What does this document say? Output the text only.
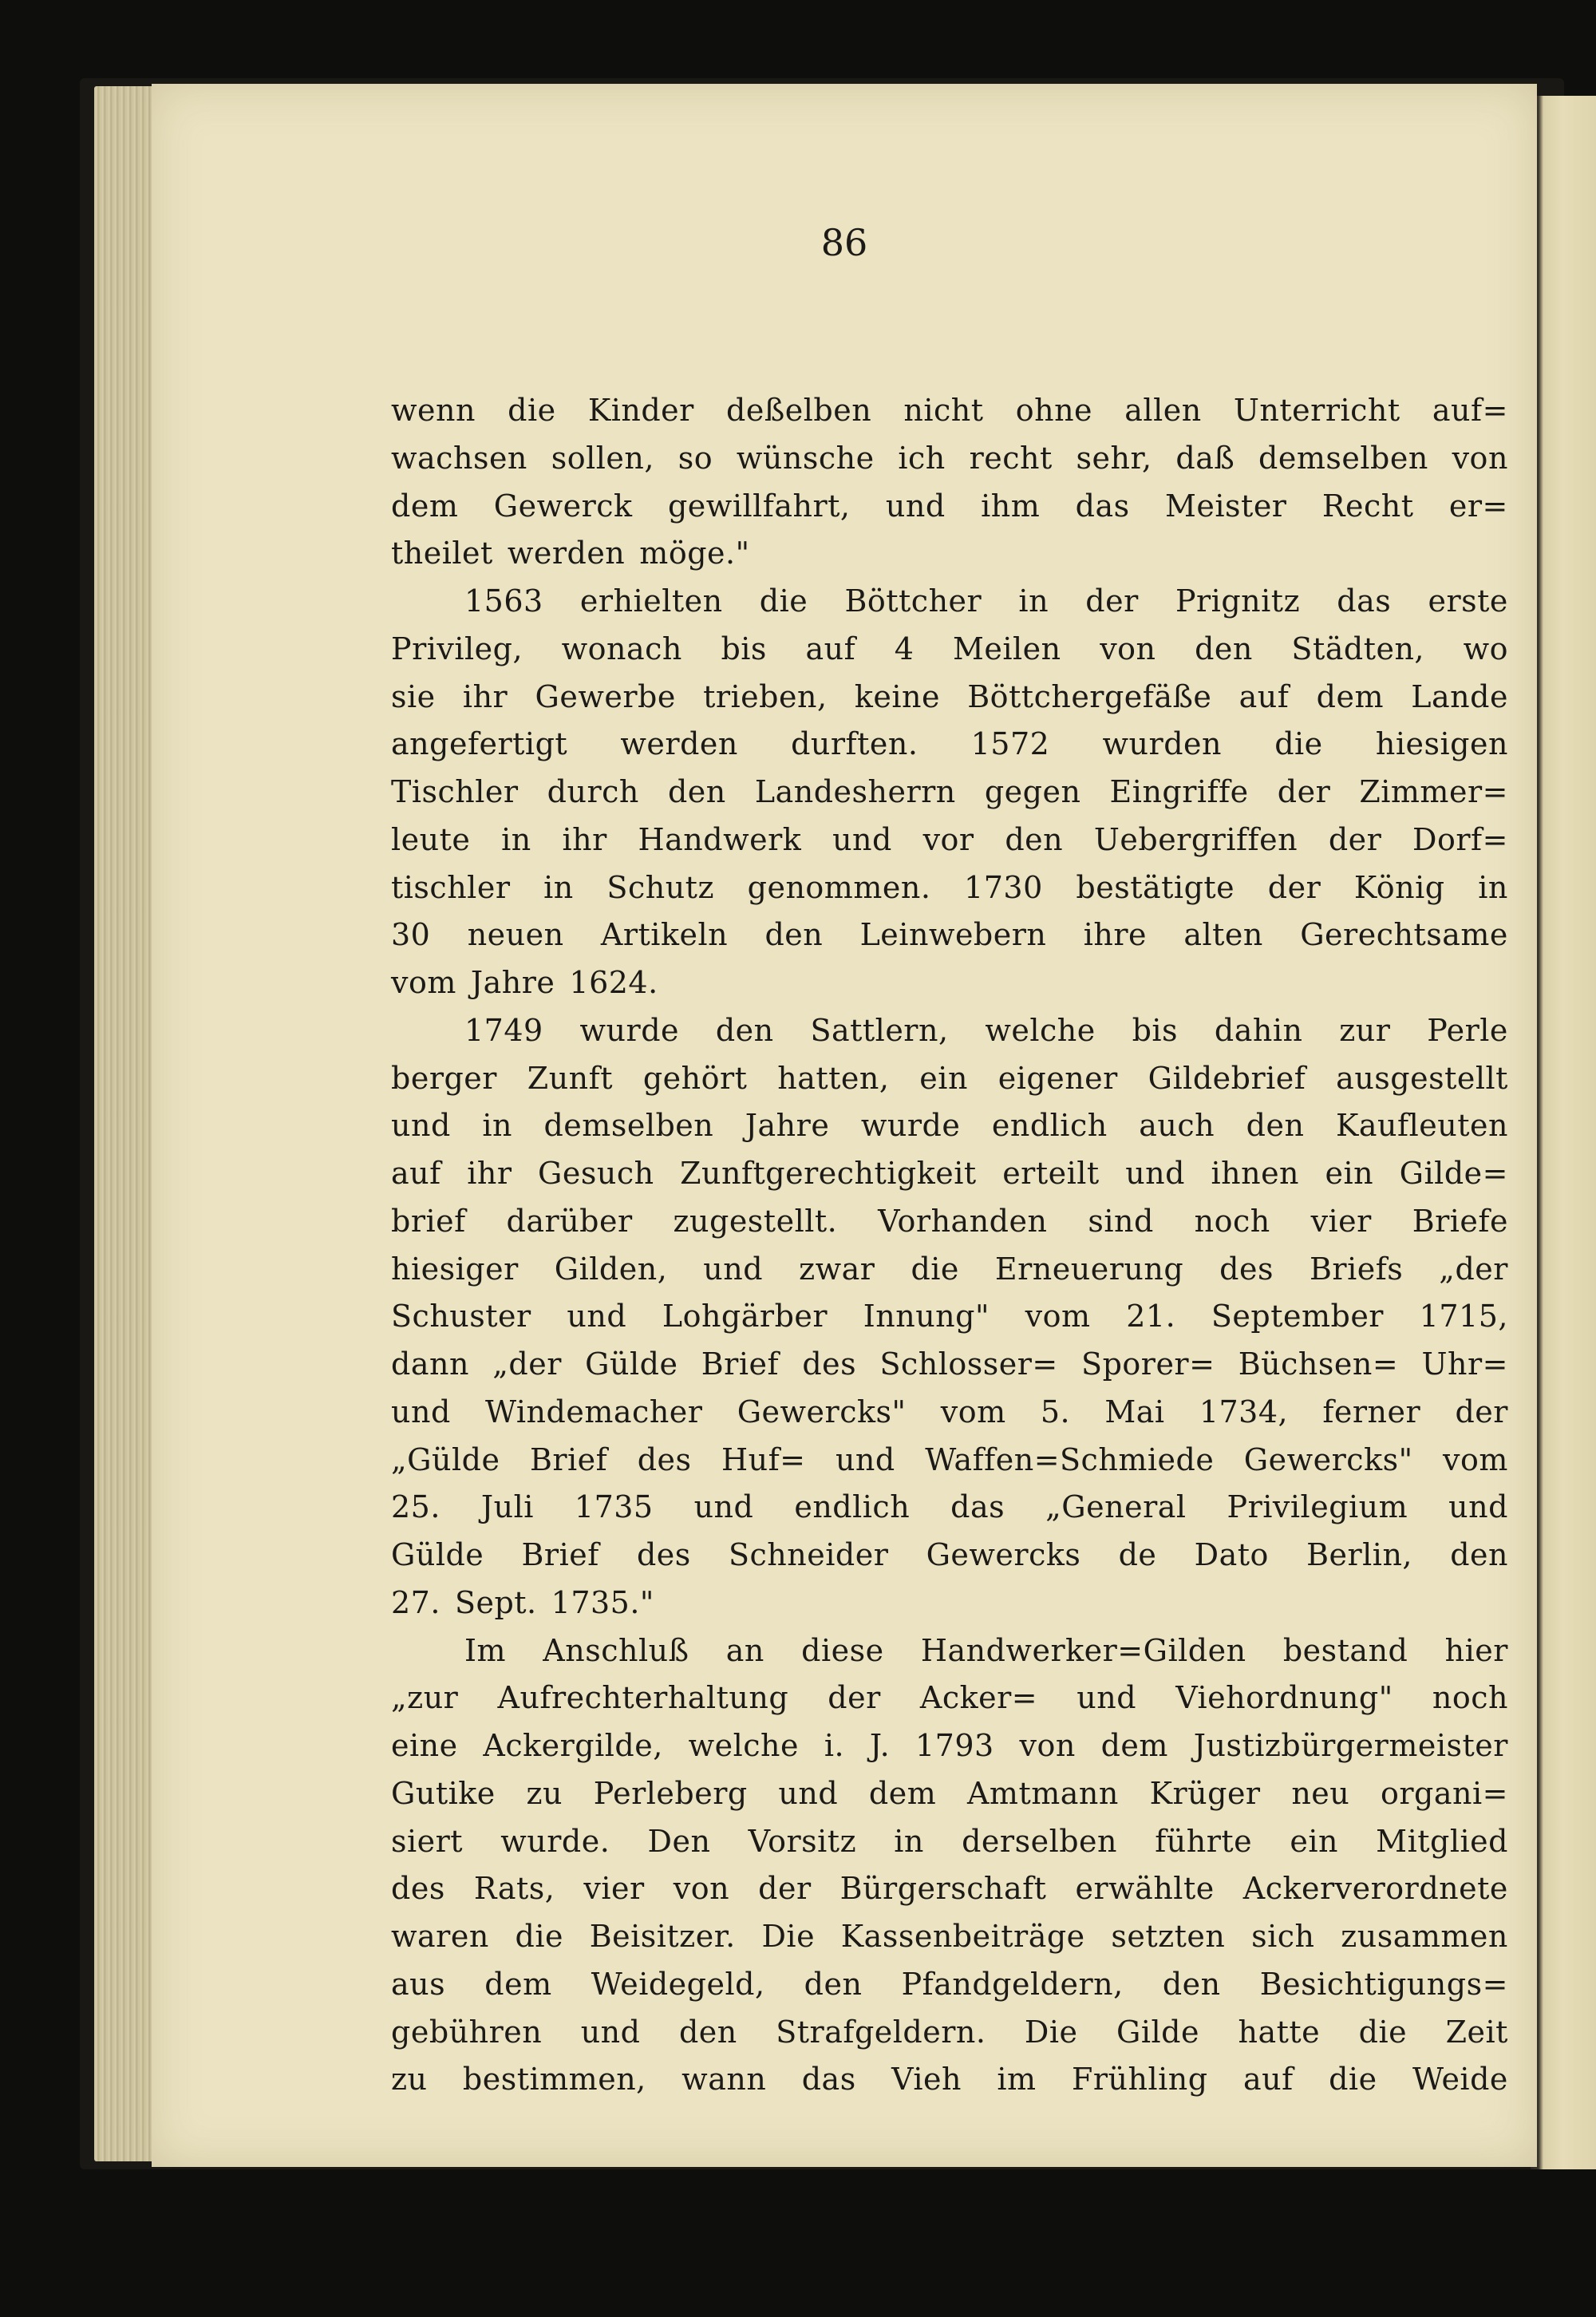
86
wenn die Kinder deßelben nicht ohne allen Unterricht auf=
wachsen sollen, so wünsche ich recht sehr, daß demselben von
dem Gewerck gewillfahrt, und ihm das Meister Recht er=
theilet werden möge."
1563 erhielten die Böttcher in der Prignitz das erste
Privileg, wonach bis auf 4 Meilen von den Städten, wo
sie ihr Gewerbe trieben, keine Böttchergefäße auf dem Lande
angefertigt werden durften. 1572 wurden die hiesigen
Tischler durch den Landesherrn gegen Eingriffe der Zimmer=
leute in ihr Handwerk und vor den Uebergriffen der Dorf=
tischler in Schutz genommen. 1730 bestätigte der König in
30 neuen Artikeln den Leinwebern ihre alten Gerechtsame
vom Jahre 1624.
1749 wurde den Sattlern, welche bis dahin zur Perle
berger Zunft gehört hatten, ein eigener Gildebrief ausgestellt
und in demselben Jahre wurde endlich auch den Kaufleuten
auf ihr Gesuch Zunftgerechtigkeit erteilt und ihnen ein Gilde=
brief darüber zugestellt. Vorhanden sind noch vier Briefe
hiesiger Gilden, und zwar die Erneuerung des Briefs „der
Schuster und Lohgärber Innung" vom 21. September 1715,
dann „der Gülde Brief des Schlosser= Sporer= Büchsen= Uhr=
und Windemacher Gewercks" vom 5. Mai 1734, ferner der
„Gülde Brief des Huf= und Waffen=Schmiede Gewercks" vom
25. Juli 1735 und endlich das „General Privilegium und
Gülde Brief des Schneider Gewercks de Dato Berlin, den
27. Sept. 1735."
Im Anschluß an diese Handwerker=Gilden bestand hier
„zur Aufrechterhaltung der Acker= und Viehordnung" noch
eine Ackergilde, welche i. J. 1793 von dem Justizbürgermeister
Gutike zu Perleberg und dem Amtmann Krüger neu organi=
siert wurde. Den Vorsitz in derselben führte ein Mitglied
des Rats, vier von der Bürgerschaft erwählte Ackerverordnete
waren die Beisitzer. Die Kassenbeiträge setzten sich zusammen
aus dem Weidegeld, den Pfandgeldern, den Besichtigungs=
gebühren und den Strafgeldern. Die Gilde hatte die Zeit
zu bestimmen, wann das Vieh im Frühling auf die Weide
